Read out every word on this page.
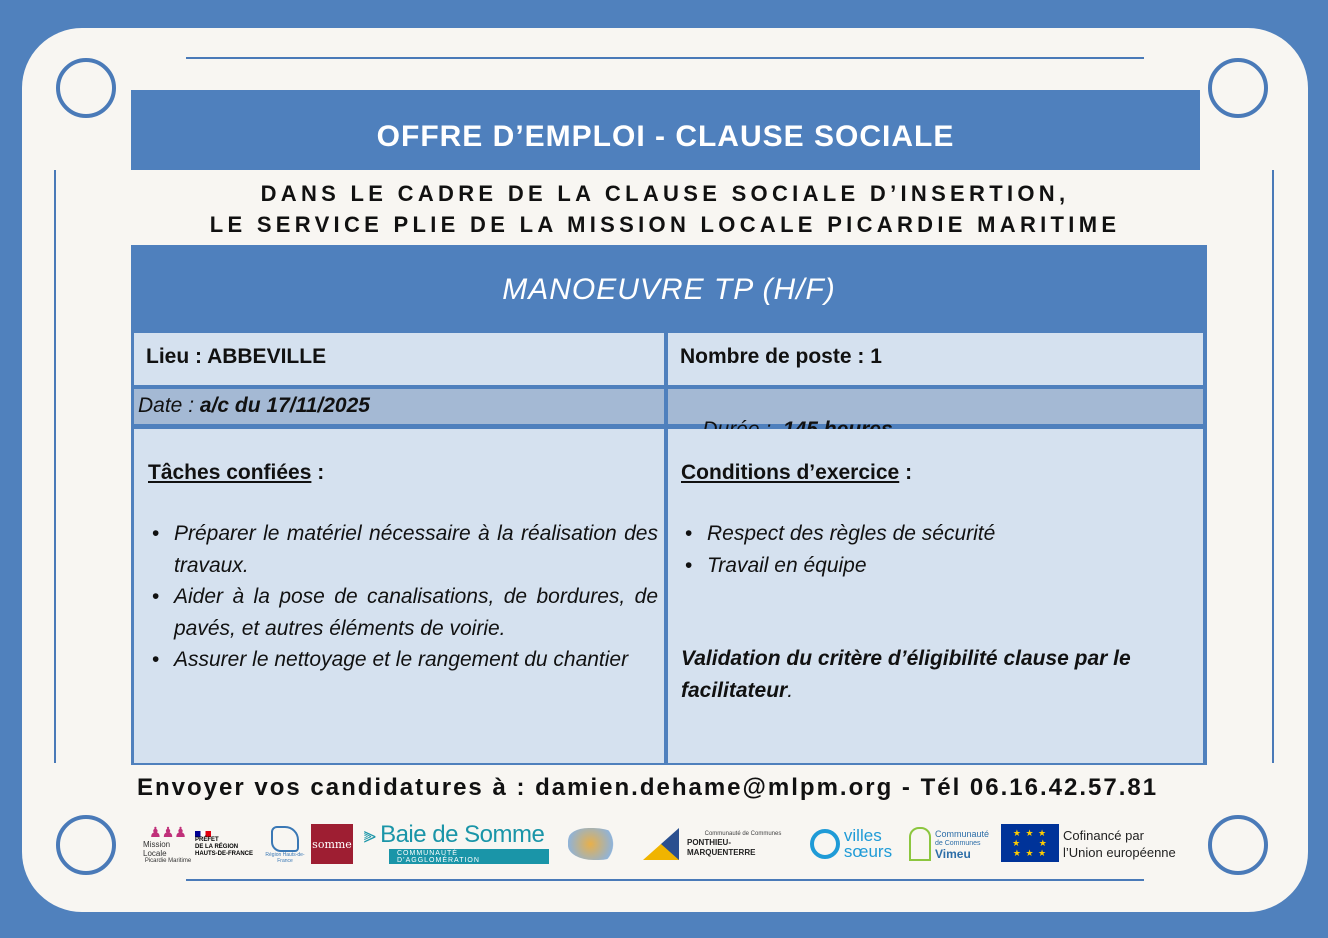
OFFRE D’EMPLOI - CLAUSE SOCIALE
DANS LE CADRE DE LA CLAUSE SOCIALE D’INSERTION,
LE SERVICE PLIE DE LA MISSION LOCALE PICARDIE MARITIME
MANOEUVRE TP (H/F)
Lieu : ABBEVILLE	Nombre de poste : 1
Date : a/c du 17/11/2025

Tâches confiées :
• Préparer le matériel nécessaire à la réalisation des travaux.
• Aider à la pose de canalisations, de bordures, de pavés, et autres éléments de voirie.
• Assurer le nettoyage et le rangement du chantier
Conditions d’exercice :
• Respect des règles de sécurité
• Travail en équipe
Validation du critère d’éligibilité clause par le facilitateur.
Envoyer vos candidatures à : damien.dehame@mlpm.org - Tél 06.16.42.57.81
♟♟♟
Mission Locale
Picardie Maritime
PRÉFET
DE LA RÉGION
HAUTS-DE-FRANCE	Région Hauts-de-France
somme ⫸ Baie de Somme
COMMUNAUTÉ D’AGGLOMÉRATION
Communauté de Communes
PONTHIEU-MARQUENTERRE
villes
sœurs
Communauté
de Communes
Vimeu
★ ★ ★
★     ★
★ ★ ★
Cofinancé par
l’Union européenne
